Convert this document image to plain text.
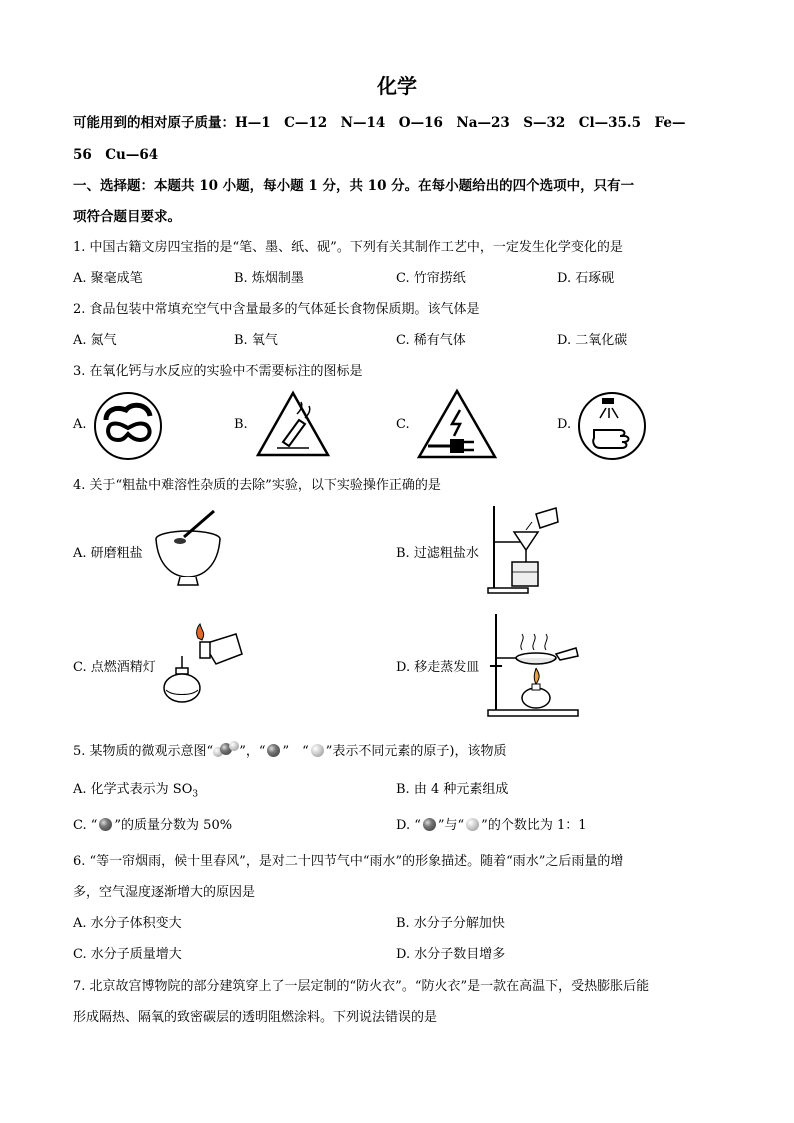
化学
可能用到的相对原子质量：H—1　C—12　N—14　O—16　Na—23　S—32　Cl—35.5　Fe—
56　Cu—64
一、选择题：本题共 10 小题，每小题 1 分，共 10 分。在每小题给出的四个选项中，只有一
项符合题目要求。
1. 中国古籍文房四宝指的是“笔、墨、纸、砚”。下列有关其制作工艺中，一定发生化学变化的是
A. 聚毫成笔	B. 炼烟制墨	C. 竹帘捞纸	D. 石琢砚
2. 食品包装中常填充空气中含量最多的气体延长食物保质期。该气体是
A. 氮气	B. 氧气	C. 稀有气体	D. 二氧化碳
3. 在氧化钙与水反应的实验中不需要标注的图标是
A.	B.	C.	D.
4. 关于“粗盐中难溶性杂质的去除”实验，以下实验操作正确的是
A. 研磨粗盐	B. 过滤粗盐水
C. 点燃酒精灯	D. 移走蒸发皿
5. 某物质的微观示意图“ ”，“ ”　“ ”表示不同元素的原子)，该物质
A. 化学式表示为 $SO_3$	B. 由 4 种元素组成
C. “ ”的质量分数为 50%	D. “ ”与“ ”的个数比为 1：1
6. “等一帘烟雨，候十里春风”，是对二十四节气中“雨水”的形象描述。随着“雨水”之后雨量的增
多，空气湿度逐渐增大的原因是
A. 水分子体积变大	B. 水分子分解加快
C. 水分子质量增大	D. 水分子数目增多
7. 北京故宫博物院的部分建筑穿上了一层定制的“防火衣”。“防火衣”是一款在高温下，受热膨胀后能
形成隔热、隔氧的致密碳层的透明阻燃涂料。下列说法错误的是
